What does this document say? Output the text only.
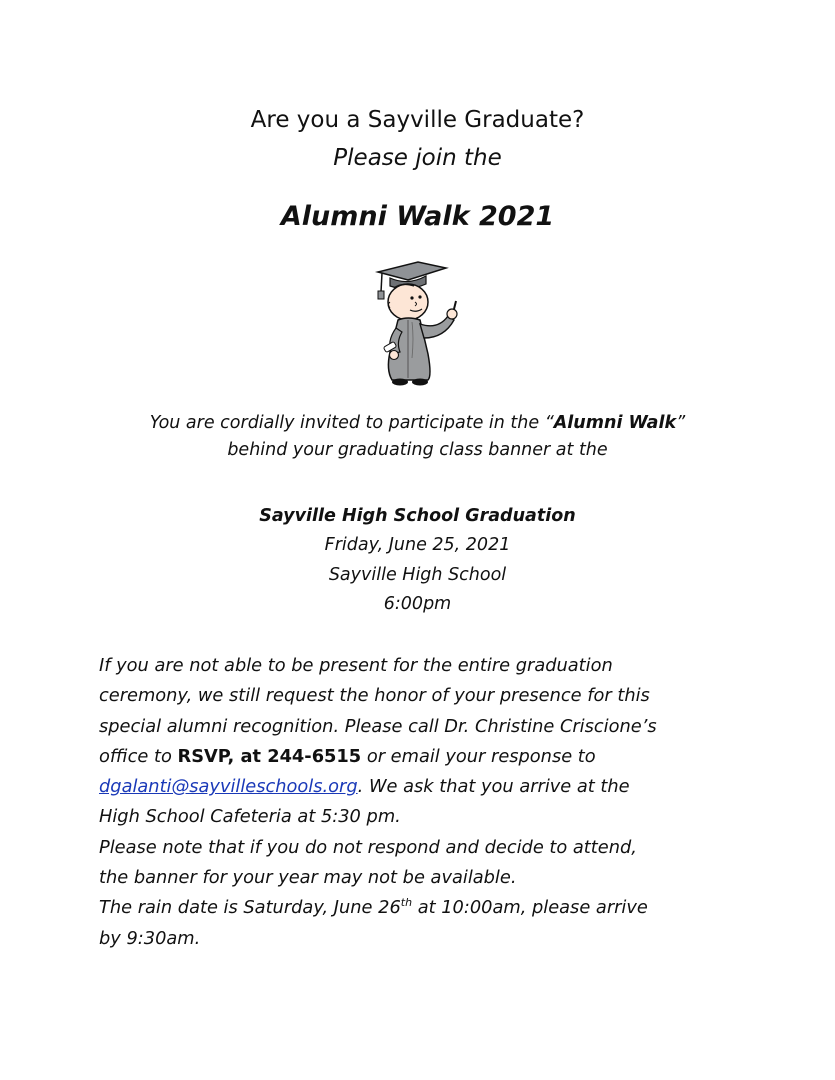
Are you a Sayville Graduate?
Please join the
Alumni Walk 2021
You are cordially invited to participate in the “Alumni Walk”
behind your graduating class banner at the
Sayville High School Graduation
Friday, June 25, 2021
Sayville High School
6:00pm
If you are not able to be present for the entire graduation
ceremony, we still request the honor of your presence for this
special alumni recognition. Please call Dr. Christine Criscione’s
office to RSVP, at 244-6515 or email your response to
dgalanti@sayvilleschools.org. We ask that you arrive at the
High School Cafeteria at 5:30 pm.
Please note that if you do not respond and decide to attend,
the banner for your year may not be available.
The rain date is Saturday, June 26th at 10:00am, please arrive
by 9:30am.
